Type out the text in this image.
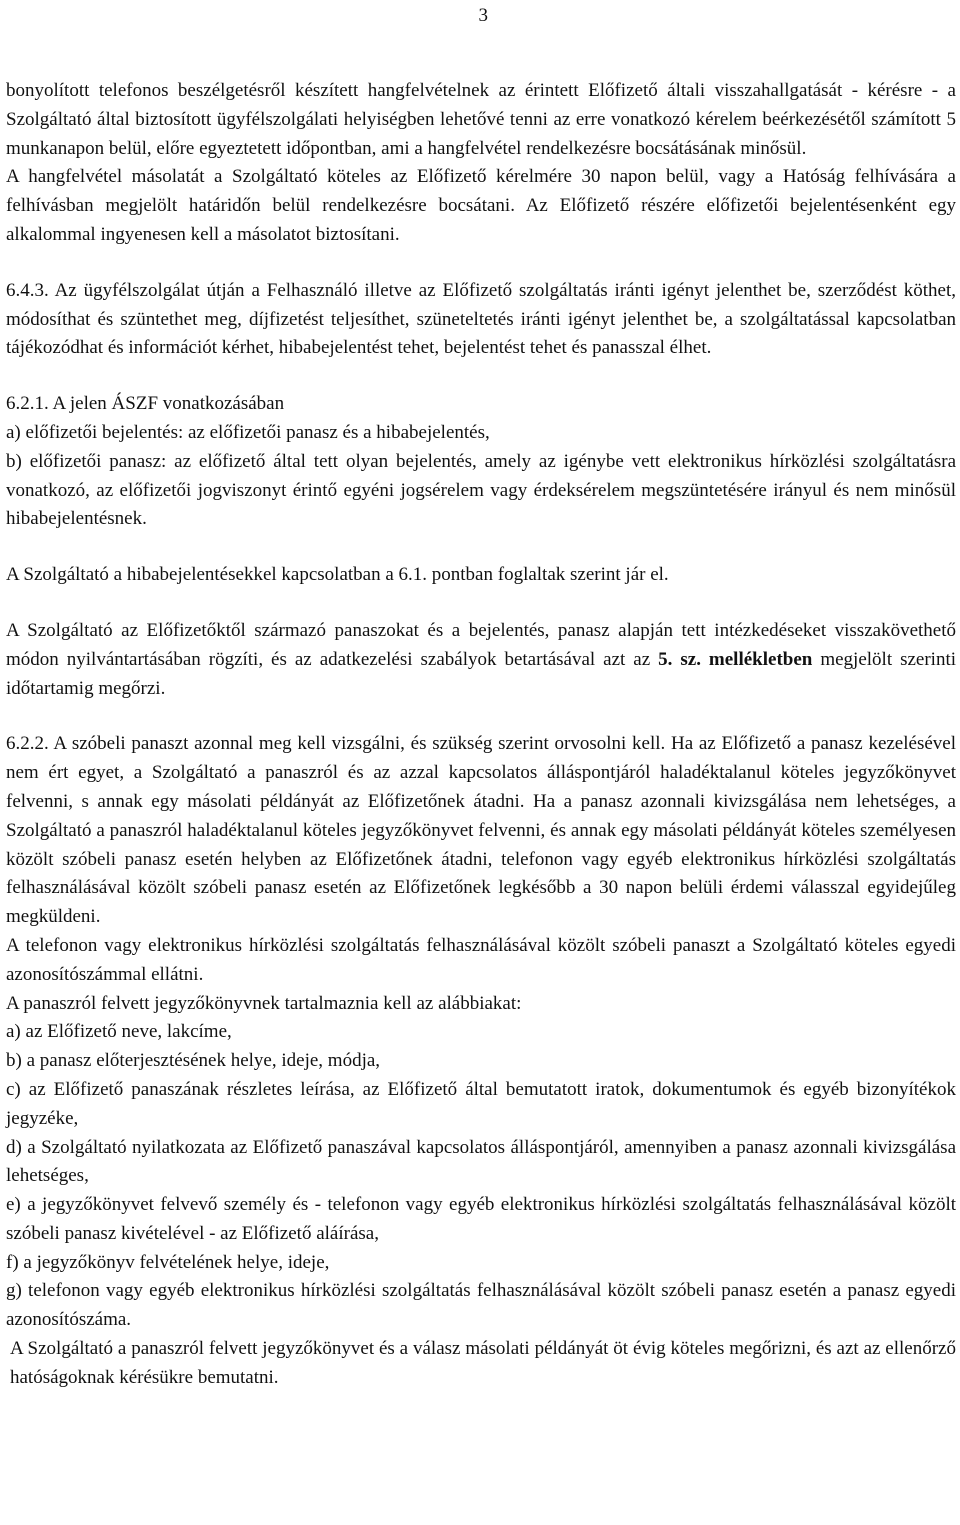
3

bonyolított telefonos beszélgetésről készített hangfelvételnek az érintett Előfizető általi visszahallgatását - kérésre - a Szolgáltató által biztosított ügyfélszolgálati helyiségben lehetővé tenni az erre vonatkozó kérelem beérkezésétől számított 5 munkanapon belül, előre egyeztetett időpontban, ami a hangfelvétel rendelkezésre bocsátásának minősül.

A hangfelvétel másolatát a Szolgáltató köteles az Előfizető kérelmére 30 napon belül, vagy a Hatóság felhívására a felhívásban megjelölt határidőn belül rendelkezésre bocsátani. Az Előfizető részére előfizetői bejelentésenként egy alkalommal ingyenesen kell a másolatot biztosítani.

6.4.3. Az ügyfélszolgálat útján a Felhasználó illetve az Előfizető szolgáltatás iránti igényt jelenthet be, szerződést köthet, módosíthat és szüntethet meg, díjfizetést teljesíthet, szüneteltetés iránti igényt jelenthet be, a szolgáltatással kapcsolatban tájékozódhat és információt kérhet, hibabejelentést tehet, bejelentést tehet és panasszal élhet.

6.2.1. A jelen ÁSZF vonatkozásában

a) előfizetői bejelentés: az előfizetői panasz és a hibabejelentés,

b) előfizetői panasz: az előfizető által tett olyan bejelentés, amely az igénybe vett elektronikus hírközlési szolgáltatásra vonatkozó, az előfizetői jogviszonyt érintő egyéni jogsérelem vagy érdeksérelem megszüntetésére irányul és nem minősül hibabejelentésnek.

A Szolgáltató a hibabejelentésekkel kapcsolatban a 6.1. pontban foglaltak szerint jár el.

A Szolgáltató az Előfizetőktől származó panaszokat és a bejelentés, panasz alapján tett intézkedéseket visszakövethető módon nyilvántartásában rögzíti, és az adatkezelési szabályok betartásával azt az 5. sz. mellékletben megjelölt szerinti időtartamig megőrzi.

6.2.2. A szóbeli panaszt azonnal meg kell vizsgálni, és szükség szerint orvosolni kell. Ha az Előfizető a panasz kezelésével nem ért egyet, a Szolgáltató a panaszról és az azzal kapcsolatos álláspontjáról haladéktalanul köteles jegyzőkönyvet felvenni, s annak egy másolati példányát az Előfizetőnek átadni. Ha a panasz azonnali kivizsgálása nem lehetséges, a Szolgáltató a panaszról haladéktalanul köteles jegyzőkönyvet felvenni, és annak egy másolati példányát köteles személyesen közölt szóbeli panasz esetén helyben az Előfizetőnek átadni, telefonon vagy egyéb elektronikus hírközlési szolgáltatás felhasználásával közölt szóbeli panasz esetén az Előfizetőnek legkésőbb a 30 napon belüli érdemi válasszal egyidejűleg megküldeni.

A telefonon vagy elektronikus hírközlési szolgáltatás felhasználásával közölt szóbeli panaszt a Szolgáltató köteles egyedi azonosítószámmal ellátni.

A panaszról felvett jegyzőkönyvnek tartalmaznia kell az alábbiakat:

a) az Előfizető neve, lakcíme,

b) a panasz előterjesztésének helye, ideje, módja,

c) az Előfizető panaszának részletes leírása, az Előfizető által bemutatott iratok, dokumentumok és egyéb bizonyítékok jegyzéke,

d) a Szolgáltató nyilatkozata az Előfizető panaszával kapcsolatos álláspontjáról, amennyiben a panasz azonnali kivizsgálása lehetséges,

e) a jegyzőkönyvet felvevő személy és - telefonon vagy egyéb elektronikus hírközlési szolgáltatás felhasználásával közölt szóbeli panasz kivételével - az Előfizető aláírása,

f) a jegyzőkönyv felvételének helye, ideje,

g) telefonon vagy egyéb elektronikus hírközlési szolgáltatás felhasználásával közölt szóbeli panasz esetén a panasz egyedi azonosítószáma.

A Szolgáltató a panaszról felvett jegyzőkönyvet és a válasz másolati példányát öt évig köteles megőrizni, és azt az ellenőrző hatóságoknak kérésükre bemutatni.
